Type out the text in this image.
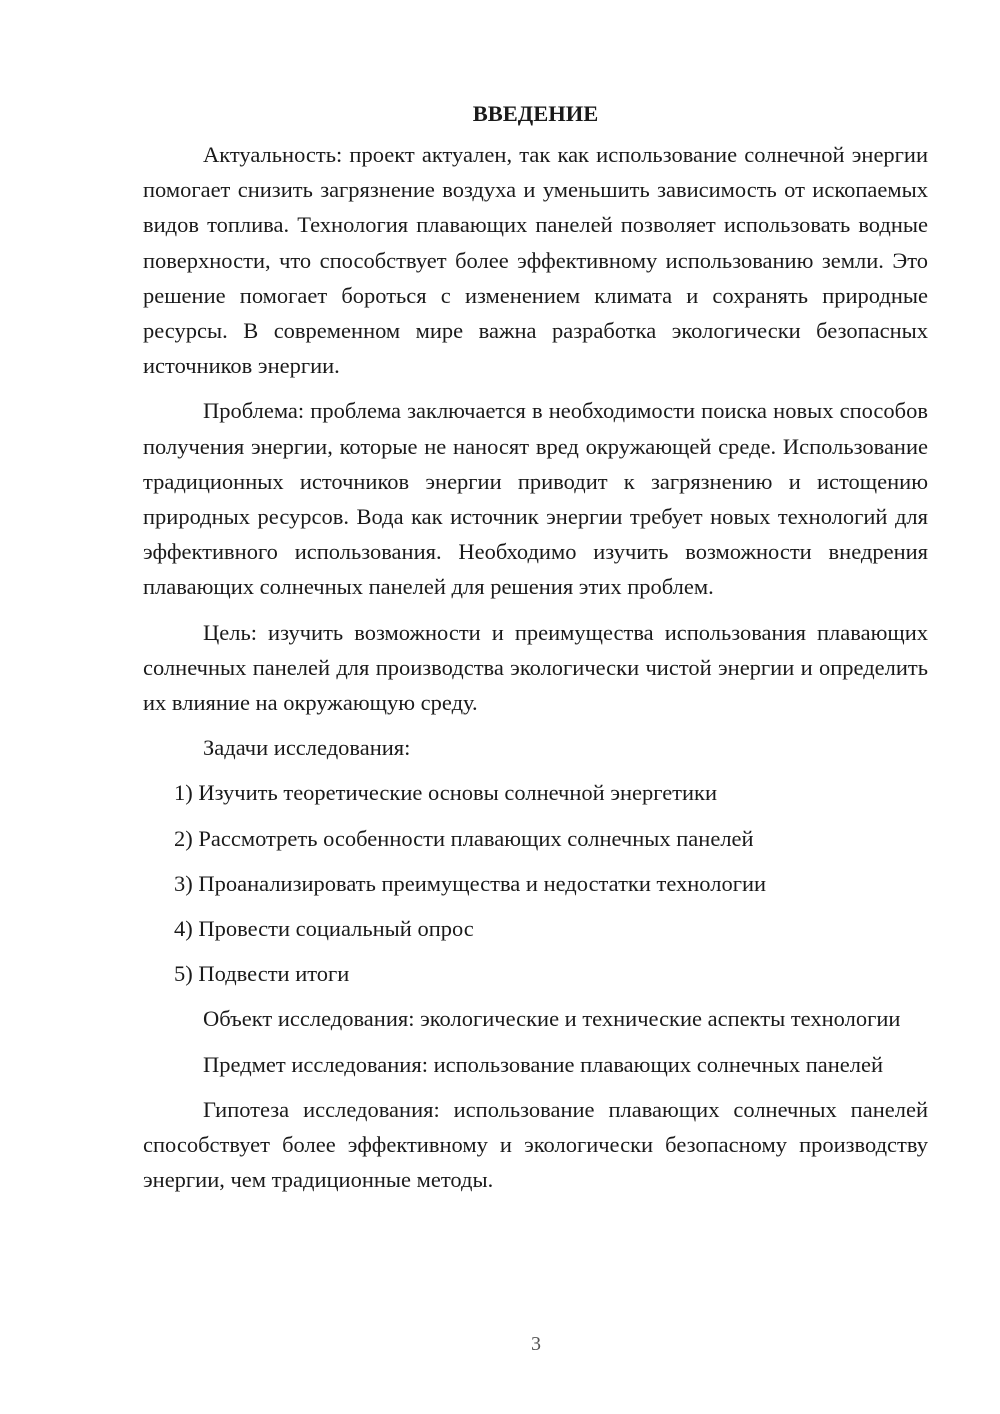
ВВЕДЕНИЕ

Актуальность: проект актуален, так как использование солнечной энергии помогает снизить загрязнение воздуха и уменьшить зависимость от ископаемых видов топлива. Технология плавающих панелей позволяет использовать водные поверхности, что способствует более эффективному использованию земли. Это решение помогает бороться с изменением климата и сохранять природные ресурсы. В современном мире важна разработка экологически безопасных источников энергии.

Проблема: проблема заключается в необходимости поиска новых способов получения энергии, которые не наносят вред окружающей среде. Использование традиционных источников энергии приводит к загрязнению и истощению природных ресурсов. Вода как источник энергии требует новых технологий для эффективного использования. Необходимо изучить возможности внедрения плавающих солнечных панелей для решения этих проблем.

Цель: изучить возможности и преимущества использования плавающих солнечных панелей для производства экологически чистой энергии и определить их влияние на окружающую среду.

Задачи исследования:

1) Изучить теоретические основы солнечной энергетики

2) Рассмотреть особенности плавающих солнечных панелей

3) Проанализировать преимущества и недостатки технологии

4) Провести социальный опрос

5) Подвести итоги

Объект исследования: экологические и технические аспекты технологии

Предмет исследования: использование плавающих солнечных панелей

Гипотеза исследования: использование плавающих солнечных панелей способствует более эффективному и экологически безопасному производству энергии, чем традиционные методы.

3
